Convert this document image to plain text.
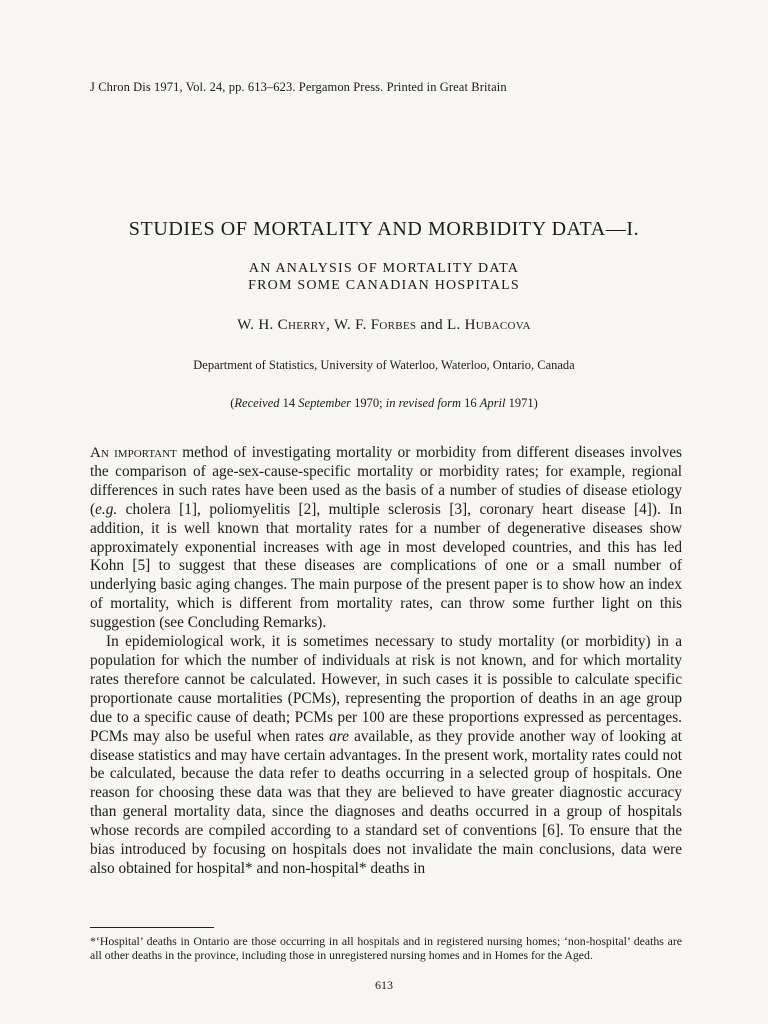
J Chron Dis 1971, Vol. 24, pp. 613–623. Pergamon Press. Printed in Great Britain
STUDIES OF MORTALITY AND MORBIDITY DATA—I.
AN ANALYSIS OF MORTALITY DATA
FROM SOME CANADIAN HOSPITALS
W. H. Cherry, W. F. Forbes and L. Hubacova
Department of Statistics, University of Waterloo, Waterloo, Ontario, Canada
(Received 14 September 1970; in revised form 16 April 1971)

An important method of investigating mortality or morbidity from different diseases involves the comparison of age-sex-cause-specific mortality or morbidity rates; for example, regional differences in such rates have been used as the basis of a number of studies of disease etiology (e.g. cholera [1], poliomyelitis [2], multiple sclerosis [3], coronary heart disease [4]). In addition, it is well known that mortality rates for a number of degenerative diseases show approximately exponential increases with age in most developed countries, and this has led Kohn [5] to suggest that these diseases are complications of one or a small number of underlying basic aging changes. The main purpose of the present paper is to show how an index of mortality, which is different from mortality rates, can throw some further light on this suggestion (see Concluding Remarks).

In epidemiological work, it is sometimes necessary to study mortality (or morbidity) in a population for which the number of individuals at risk is not known, and for which mortality rates therefore cannot be calculated. However, in such cases it is possible to calculate specific proportionate cause mortalities (PCMs), representing the proportion of deaths in an age group due to a specific cause of death; PCMs per 100 are these proportions expressed as percentages. PCMs may also be useful when rates are available, as they provide another way of looking at disease statistics and may have certain advantages. In the present work, mortality rates could not be calculated, because the data refer to deaths occurring in a selected group of hospitals. One reason for choosing these data was that they are believed to have greater diagnostic accuracy than general mortality data, since the diagnoses and deaths occurred in a group of hospitals whose records are compiled according to a standard set of conventions [6]. To ensure that the bias introduced by focusing on hospitals does not invalidate the main conclusions, data were also obtained for hospital* and non-hospital* deaths in

*‘Hospital’ deaths in Ontario are those occurring in all hospitals and in registered nursing homes; ‘non-hospital’ deaths are all other deaths in the province, including those in unregistered nursing homes and in Homes for the Aged.
613
